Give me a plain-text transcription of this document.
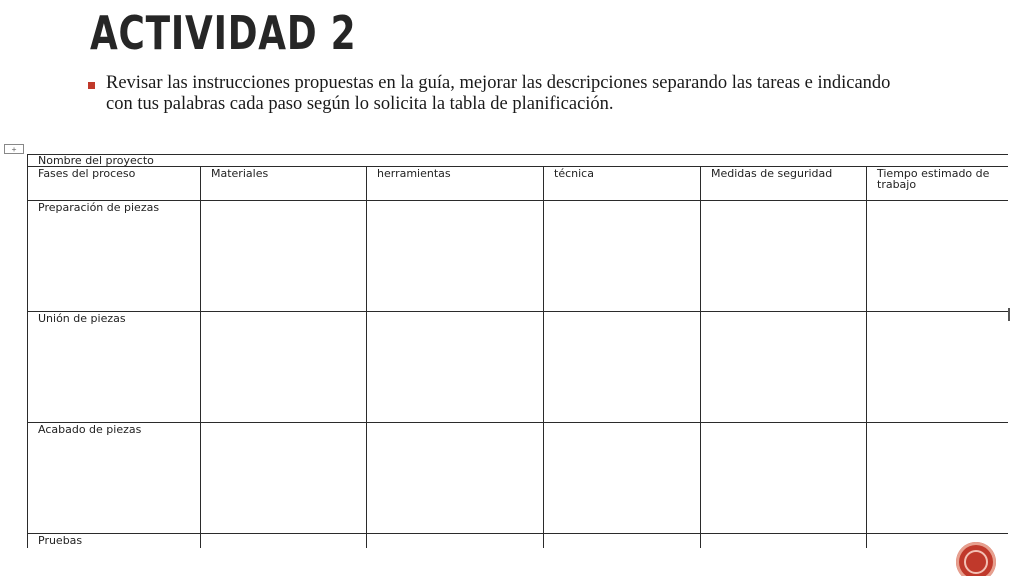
ACTIVIDAD 2

Revisar las instrucciones propuestas en la guía, mejorar las descripciones separando las tareas e indicando con tus palabras cada paso según lo solicita la tabla de planificación.

+
Nombre del proyecto					
Fases del proceso	Materiales	herramientas	técnica	Medidas de seguridad	Tiempo estimado de trabajo
Preparación de piezas					
Unión de piezas					
Acabado de piezas					
Pruebas					
